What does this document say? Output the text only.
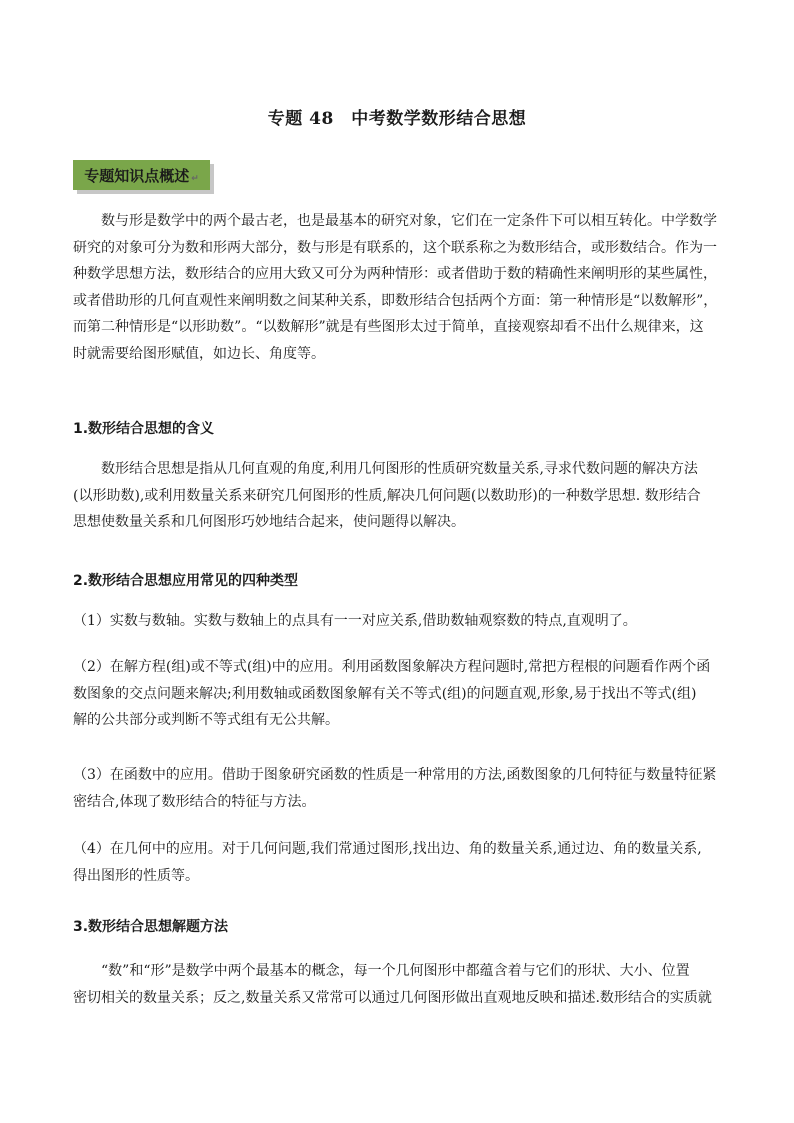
专题 48　中考数学数形结合思想
专题知识点概述 ↵
数与形是数学中的两个最古老，也是最基本的研究对象，它们在一定条件下可以相互转化。中学数学
研究的对象可分为数和形两大部分，数与形是有联系的，这个联系称之为数形结合，或形数结合。作为一
种数学思想方法，数形结合的应用大致又可分为两种情形：或者借助于数的精确性来阐明形的某些属性，
或者借助形的几何直观性来阐明数之间某种关系，即数形结合包括两个方面：第一种情形是“以数解形”，
而第二种情形是“以形助数”。“以数解形”就是有些图形太过于简单，直接观察却看不出什么规律来，这
时就需要给图形赋值，如边长、角度等。
1.数形结合思想的含义
数形结合思想是指从几何直观的角度,利用几何图形的性质研究数量关系,寻求代数问题的解决方法
(以形助数),或利用数量关系来研究几何图形的性质,解决几何问题(以数助形)的一种数学思想. 数形结合
思想使数量关系和几何图形巧妙地结合起来，使问题得以解决。
2.数形结合思想应用常见的四种类型
（1）实数与数轴。实数与数轴上的点具有一一对应关系,借助数轴观察数的特点,直观明了。
（2）在解方程(组)或不等式(组)中的应用。利用函数图象解决方程问题时,常把方程根的问题看作两个函
数图象的交点问题来解决;利用数轴或函数图象解有关不等式(组)的问题直观,形象,易于找出不等式(组)
解的公共部分或判断不等式组有无公共解。
（3）在函数中的应用。借助于图象研究函数的性质是一种常用的方法,函数图象的几何特征与数量特征紧
密结合,体现了数形结合的特征与方法。
（4）在几何中的应用。对于几何问题,我们常通过图形,找出边、角的数量关系,通过边、角的数量关系,
得出图形的性质等。
3.数形结合思想解题方法
“数”和“形”是数学中两个最基本的概念，每一个几何图形中都蕴含着与它们的形状、大小、位置
密切相关的数量关系；反之,数量关系又常常可以通过几何图形做出直观地反映和描述.数形结合的实质就
